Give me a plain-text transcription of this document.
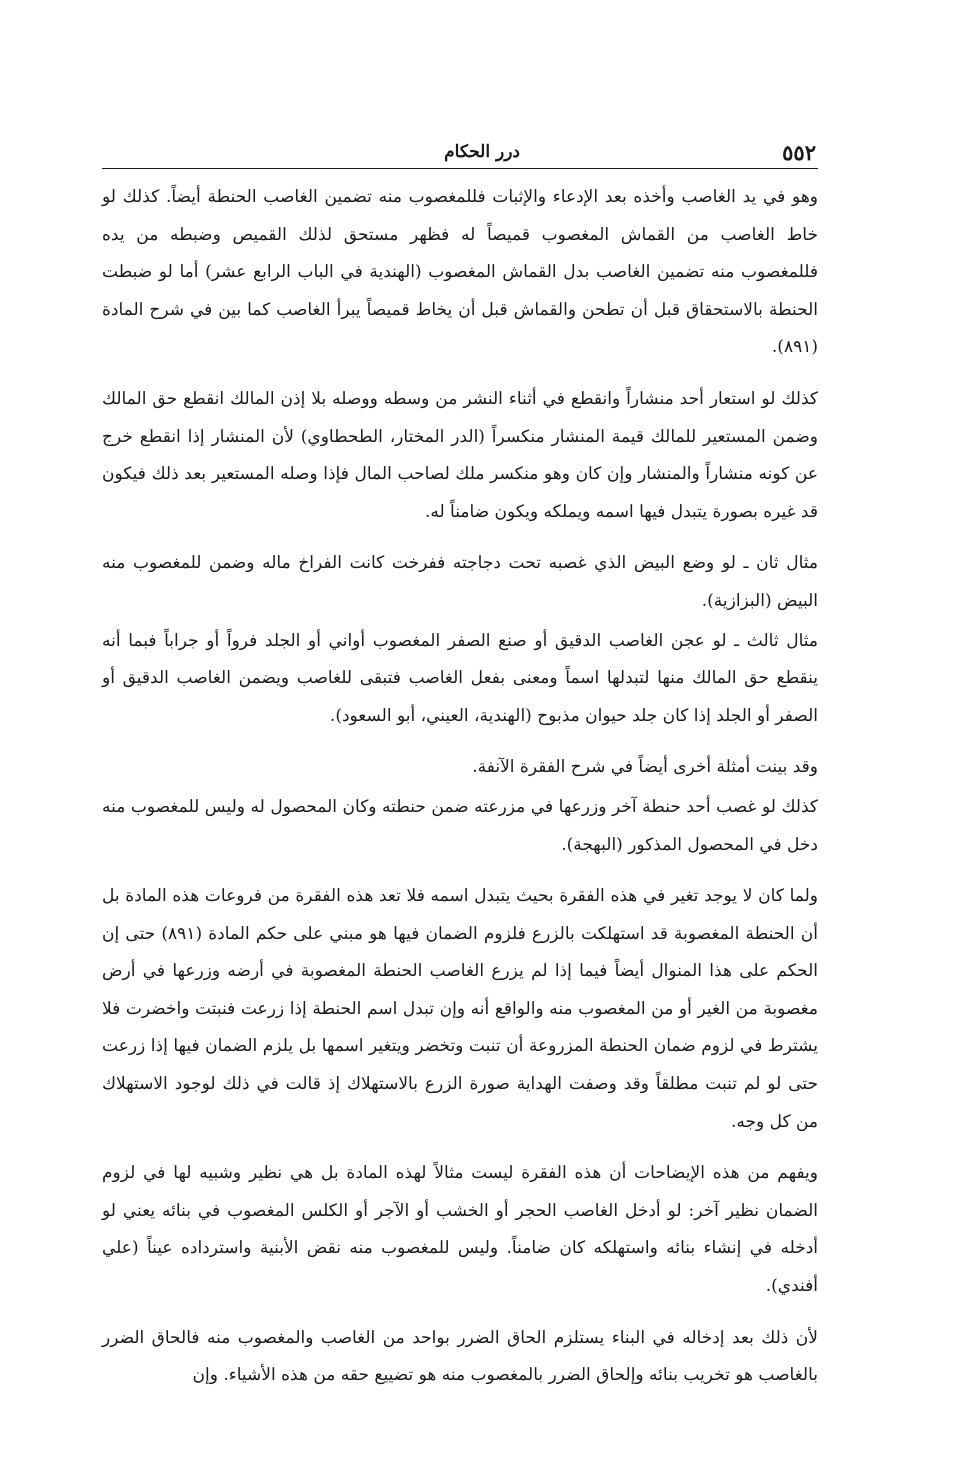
٥٥٢
درر الحكام

وهو في يد الغاصب وأخذه بعد الإدعاء والإثبات فللمغصوب منه تضمين الغاصب الحنطة أيضاً. كذلك لو خاط الغاصب من القماش المغصوب قميصاً له فظهر مستحق لذلك القميص وضبطه من يده فللمغصوب منه تضمين الغاصب بدل القماش المغصوب (الهندية في الباب الرابع عشر) أما لو ضبطت الحنطة بالاستحقاق قبل أن تطحن والقماش قبل أن يخاط قميصاً يبرأ الغاصب كما بين في شرح المادة (٨٩١).

كذلك لو استعار أحد منشاراً وانقطع في أثناء النشر من وسطه ووصله بلا إذن المالك انقطع حق المالك وضمن المستعير للمالك قيمة المنشار منكسراً (الدر المختار، الطحطاوي) لأن المنشار إذا انقطع خرج عن كونه منشاراً والمنشار وإن كان وهو منكسر ملك لصاحب المال فإذا وصله المستعير بعد ذلك فيكون قد غيره بصورة يتبدل فيها اسمه ويملكه ويكون ضامناً له.

مثال ثان ـ لو وضع البيض الذي غصبه تحت دجاجته ففرخت كانت الفراخ ماله وضمن للمغصوب منه البيض (البزازية).

مثال ثالث ـ لو عجن الغاصب الدقيق أو صنع الصفر المغصوب أواني أو الجلد فرواً أو جراباً فبما أنه ينقطع حق المالك منها لتبدلها اسماً ومعنى بفعل الغاصب فتبقى للغاصب ويضمن الغاصب الدقيق أو الصفر أو الجلد إذا كان جلد حيوان مذبوح (الهندية، العيني، أبو السعود).

وقد بينت أمثلة أخرى أيضاً في شرح الفقرة الآنفة.

كذلك لو غصب أحد حنطة آخر وزرعها في مزرعته ضمن حنطته وكان المحصول له وليس للمغصوب منه دخل في المحصول المذكور (البهجة).

ولما كان لا يوجد تغير في هذه الفقرة بحيث يتبدل اسمه فلا تعد هذه الفقرة من فروعات هذه المادة بل أن الحنطة المغصوبة قد استهلكت بالزرع فلزوم الضمان فيها هو مبني على حكم المادة (٨٩١) حتى إن الحكم على هذا المنوال أيضاً فيما إذا لم يزرع الغاصب الحنطة المغصوبة في أرضه وزرعها في أرض مغصوبة من الغير أو من المغصوب منه والواقع أنه وإن تبدل اسم الحنطة إذا زرعت فنبتت واخضرت فلا يشترط في لزوم ضمان الحنطة المزروعة أن تنبت وتخضر ويتغير اسمها بل يلزم الضمان فيها إذا زرعت حتى لو لم تنبت مطلقاً وقد وصفت الهداية صورة الزرع بالاستهلاك إذ قالت في ذلك لوجود الاستهلاك من كل وجه.

ويفهم من هذه الإيضاحات أن هذه الفقرة ليست مثالاً لهذه المادة بل هي نظير وشبيه لها في لزوم الضمان نظير آخر: لو أدخل الغاصب الحجر أو الخشب أو الآجر أو الكلس المغصوب في بنائه يعني لو أدخله في إنشاء بنائه واستهلكه كان ضامناً. وليس للمغصوب منه نقض الأبنية واسترداده عيناً (علي أفندي).

لأن ذلك بعد إدخاله في البناء يستلزم الحاق الضرر بواحد من الغاصب والمغصوب منه فالحاق الضرر بالغاصب هو تخريب بنائه وإلحاق الضرر بالمغصوب منه هو تضييع حقه من هذه الأشياء. وإن
